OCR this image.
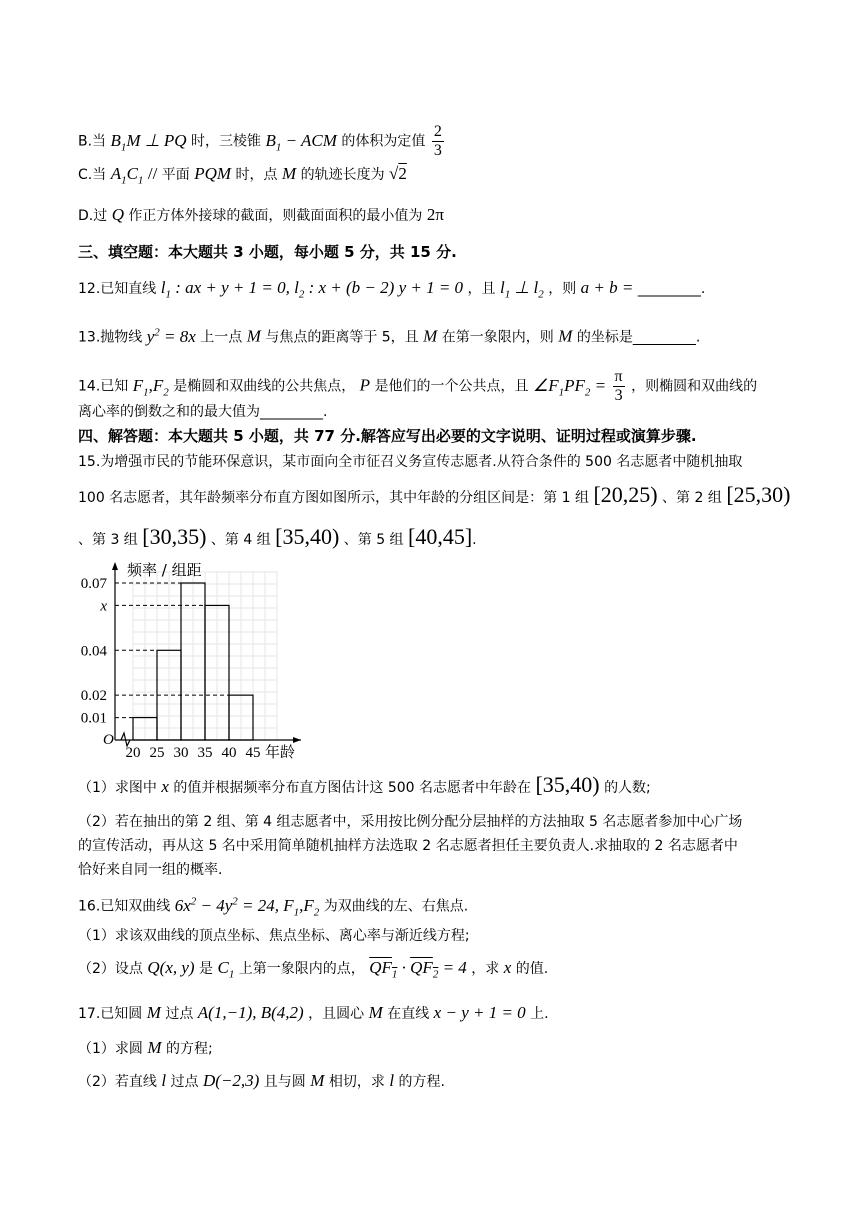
B.当 $B_1M$ ⊥ PQ 时，三棱锥 $B_1$ − ACM 的体积为定值 $\frac{2}{3}$
C.当 $A_1C_1$ // 平面 PQM 时，点 M 的轨迹长度为 √2
D.过 Q 作正方体外接球的截面，则截面面积的最小值为 2π
三、填空题：本大题共 3 小题，每小题 5 分，共 15 分.
12.已知直线 $l_1$ : ax + y + 1 = 0, $l_2$ : x + (b − 2) y + 1 = 0 ，且 $l_1$ ⊥ $l_2$ ，则 a + b = _________.
13.抛物线 $y^2 = 8x$ 上一点 M 与焦点的距离等于 5，且 M 在第一象限内，则 M 的坐标是_________.
14.已知 $F_1,F_2$ 是椭圆和双曲线的公共焦点， P 是他们的一个公共点，且 $\angle F_1PF_2 = \frac{\pi}{3}$ ，则椭圆和双曲线的
离心率的倒数之和的最大值为_________.
四、解答题：本大题共 5 小题，共 77 分.解答应写出必要的文字说明、证明过程或演算步骤.
15.为增强市民的节能环保意识，某市面向全市征召义务宣传志愿者.从符合条件的 500 名志愿者中随机抽取
100 名志愿者，其年龄频率分布直方图如图所示，其中年龄的分组区间是：第 1 组 [20,25) 、第 2 组 [25,30)
、第 3 组 [30,35) 、第 4 组 [35,40) 、第 5 组 [40,45].
0.07
x
0.04
0.02
0.01
20 25 30 35 40 45
O
频率 / 组距
年龄
（1）求图中 x 的值并根据频率分布直方图估计这 500 名志愿者中年龄在 [35,40) 的人数;
（2）若在抽出的第 2 组、第 4 组志愿者中，采用按比例分配分层抽样的方法抽取 5 名志愿者参加中心广场
的宣传活动，再从这 5 名中采用简单随机抽样方法选取 2 名志愿者担任主要负责人.求抽取的 2 名志愿者中
恰好来自同一组的概率.
16.已知双曲线 $6x^2 - 4y^2 = 24$, $F_1,F_2$ 为双曲线的左、右焦点.
（1）求该双曲线的顶点坐标、焦点坐标、离心率与渐近线方程;
（2）设点 Q(x, y) 是 $C_1$ 上第一象限内的点， $QF_1 \cdot QF_2 = 4$ ，求 x 的值.
17.已知圆 M 过点 A(1,−1), B(4,2) ，且圆心 M 在直线 x − y + 1 = 0 上.
（1）求圆 M 的方程;
（2）若直线 l 过点 D(−2,3) 且与圆 M 相切，求 l 的方程.
